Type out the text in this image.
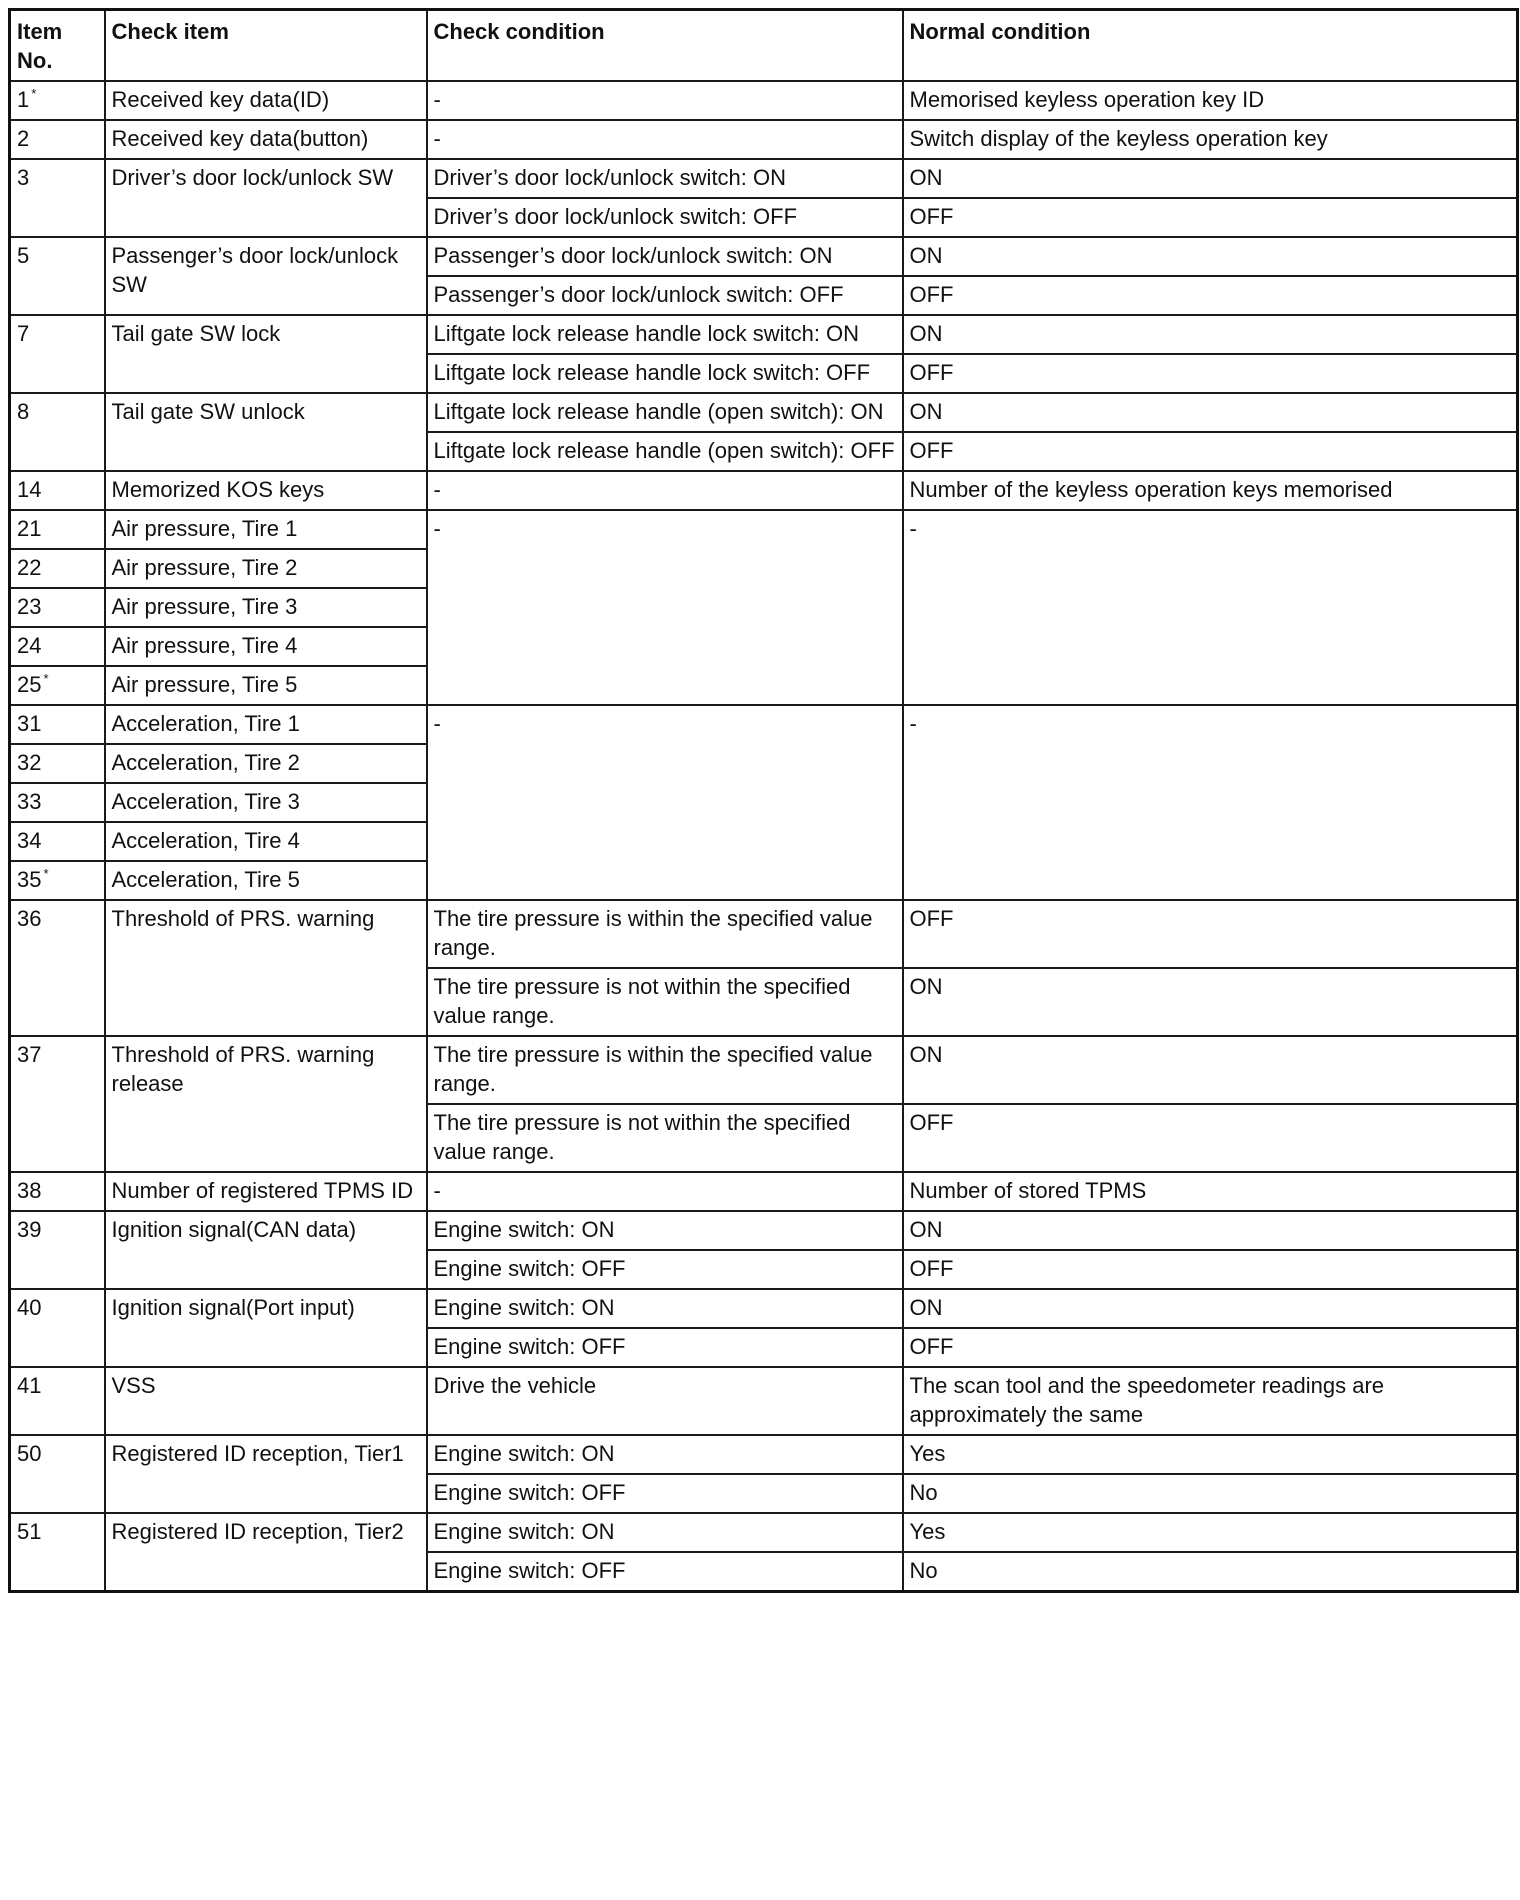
Item No.	Check item	Check condition	Normal condition
1 *	Received key data(ID)	-	Memorised keyless operation key ID
2	Received key data(button)	-	Switch display of the keyless operation key
3	Driver’s door lock/unlock SW	Driver’s door lock/unlock switch: ON	ON
		Driver’s door lock/unlock switch: OFF	OFF
5	Passenger’s door lock/unlock SW	Passenger’s door lock/unlock switch: ON	ON
		Passenger’s door lock/unlock switch: OFF	OFF
7	Tail gate SW lock	Liftgate lock release handle lock switch: ON	ON
		Liftgate lock release handle lock switch: OFF	OFF
8	Tail gate SW unlock	Liftgate lock release handle (open switch): ON	ON
		Liftgate lock release handle (open switch): OFF	OFF
14	Memorized KOS keys	-	Number of the keyless operation keys memorised
21	Air pressure, Tire 1	-	-
22	Air pressure, Tire 2		
23	Air pressure, Tire 3		
24	Air pressure, Tire 4		
25 *	Air pressure, Tire 5		
31	Acceleration, Tire 1	-	-
32	Acceleration, Tire 2		
33	Acceleration, Tire 3		
34	Acceleration, Tire 4		
35 *	Acceleration, Tire 5		
36	Threshold of PRS. warning	The tire pressure is within the specified value range.	OFF
		The tire pressure is not within the specified value range.	ON
37	Threshold of PRS. warning release	The tire pressure is within the specified value range.	ON
		The tire pressure is not within the specified value range.	OFF
38	Number of registered TPMS ID	-	Number of stored TPMS
39	Ignition signal(CAN data)	Engine switch: ON	ON
		Engine switch: OFF	OFF
40	Ignition signal(Port input)	Engine switch: ON	ON
		Engine switch: OFF	OFF
41	VSS	Drive the vehicle	The scan tool and the speedometer readings are approximately the same
50	Registered ID reception, Tier1	Engine switch: ON	Yes
		Engine switch: OFF	No
51	Registered ID reception, Tier2	Engine switch: ON	Yes
		Engine switch: OFF	No
